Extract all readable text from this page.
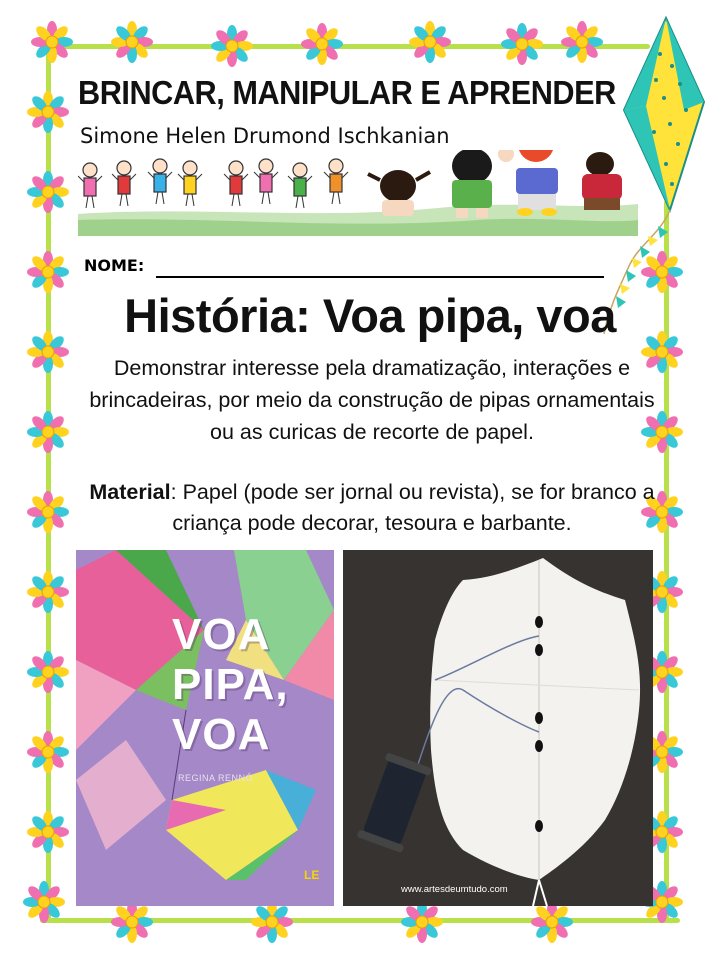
BRINCAR, MANIPULAR E APRENDER
Simone Helen Drumond Ischkanian
NOME:
História: Voa pipa, voa
Demonstrar interesse pela dramatização, interações e brincadeiras, por meio da construção de pipas ornamentais ou as curicas de recorte de papel.
Material: Papel (pode ser jornal ou revista), se for branco a criança pode decorar, tesoura e barbante.
VOA
PIPA,
VOA
REGINA RENNÓ
LE
www.artesdeumtudo.com
